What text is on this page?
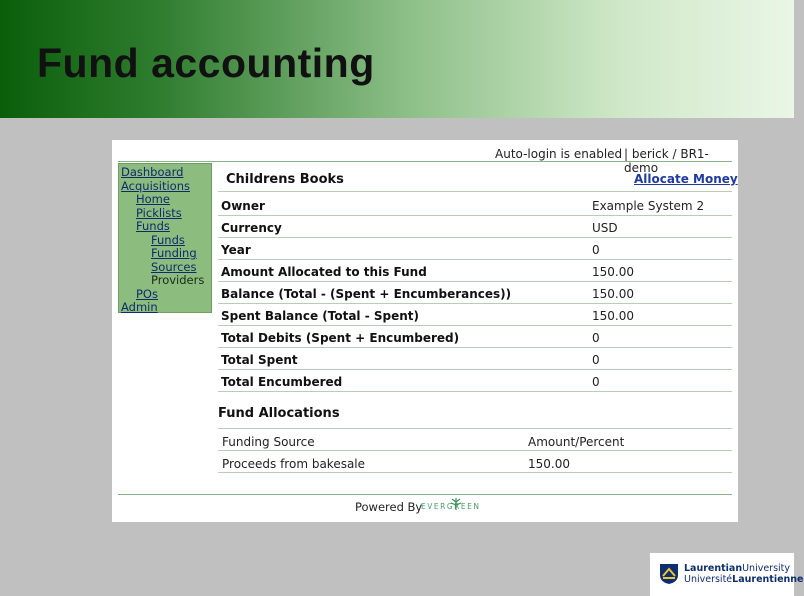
Fund accounting
Auto-login is enabled | berick / BR1-demo
Dashboard
Acquisitions
Home
Picklists
Funds
Funds
Funding
Sources
Providers
POs
Admin
Childrens Books	Allocate Money
Owner	Example System 2
Currency	USD
Year	0
Amount Allocated to this Fund	150.00
Balance (Total - (Spent + Encumberances))	150.00
Spent Balance (Total - Spent)	150.00
Total Debits (Spent + Encumbered)	0
Total Spent	0
Total Encumbered	0
Fund Allocations
Funding Source	Amount/Percent
Proceeds from bakesale	150.00
Powered By
EVERGREEN
LaurentianUniversity
UniversitéLaurentienne
